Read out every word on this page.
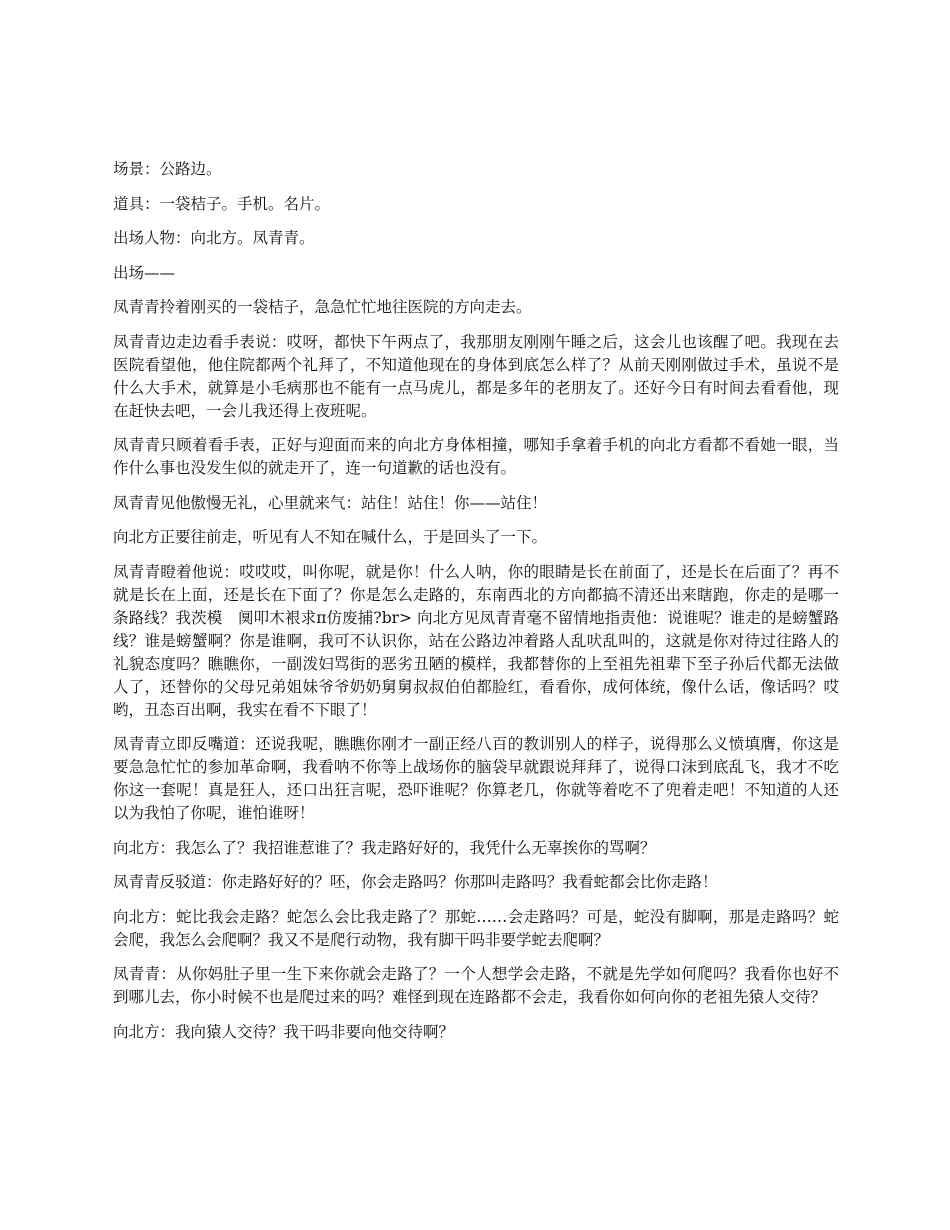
场景：公路边。

道具：一袋桔子。手机。名片。

出场人物：向北方。凤青青。

出场——

凤青青拎着刚买的一袋桔子，急急忙忙地往医院的方向走去。

凤青青边走边看手表说：哎呀，都快下午两点了，我那朋友刚刚午睡之后，这会儿也该醒了吧。我现在去医院看望他，他住院都两个礼拜了，不知道他现在的身体到底怎么样了？从前天刚刚做过手术，虽说不是什么大手术，就算是小毛病那也不能有一点马虎儿，都是多年的老朋友了。还好今日有时间去看看他，现在赶快去吧，一会儿我还得上夜班呢。

凤青青只顾着看手表，正好与迎面而来的向北方身体相撞，哪知手拿着手机的向北方看都不看她一眼，当作什么事也没发生似的就走开了，连一句道歉的话也没有。

凤青青见他傲慢无礼，心里就来气：站住！站住！你——站住！

向北方正要往前走，听见有人不知在喊什么，于是回头了一下。

凤青青瞪着他说：哎哎哎，叫你呢，就是你！什么人呐，你的眼睛是长在前面了，还是长在后面了？再不就是长在上面，还是长在下面了？你是怎么走路的，东南西北的方向都搞不清还出来瞎跑，你走的是哪一条路线？我茨模　阒叩木裉求π仿废捕?br> 向北方见凤青青毫不留情地指责他：说谁呢？谁走的是螃蟹路线？谁是螃蟹啊？你是谁啊，我可不认识你，站在公路边冲着路人乱吠乱叫的，这就是你对待过往路人的礼貌态度吗？瞧瞧你，一副泼妇骂街的恶劣丑陋的模样，我都替你的上至祖先祖辈下至子孙后代都无法做人了，还替你的父母兄弟姐妹爷爷奶奶舅舅叔叔伯伯都脸红，看看你，成何体统，像什么话，像话吗？哎哟，丑态百出啊，我实在看不下眼了！

凤青青立即反嘴道：还说我呢，瞧瞧你刚才一副正经八百的教训别人的样子，说得那么义愤填膺，你这是要急急忙忙的参加革命啊，我看呐不你等上战场你的脑袋早就跟说拜拜了，说得口沫到底乱飞，我才不吃你这一套呢！真是狂人，还口出狂言呢，恐吓谁呢？你算老几，你就等着吃不了兜着走吧！不知道的人还以为我怕了你呢，谁怕谁呀！

向北方：我怎么了？我招谁惹谁了？我走路好好的，我凭什么无辜挨你的骂啊？

凤青青反驳道：你走路好好的？呸，你会走路吗？你那叫走路吗？我看蛇都会比你走路！

向北方：蛇比我会走路？蛇怎么会比我走路了？那蛇……会走路吗？可是，蛇没有脚啊，那是走路吗？蛇会爬，我怎么会爬啊？我又不是爬行动物，我有脚干吗非要学蛇去爬啊？

凤青青：从你妈肚子里一生下来你就会走路了？一个人想学会走路，不就是先学如何爬吗？我看你也好不到哪儿去，你小时候不也是爬过来的吗？难怪到现在连路都不会走，我看你如何向你的老祖先猿人交待？

向北方：我向猿人交待？我干吗非要向他交待啊？
